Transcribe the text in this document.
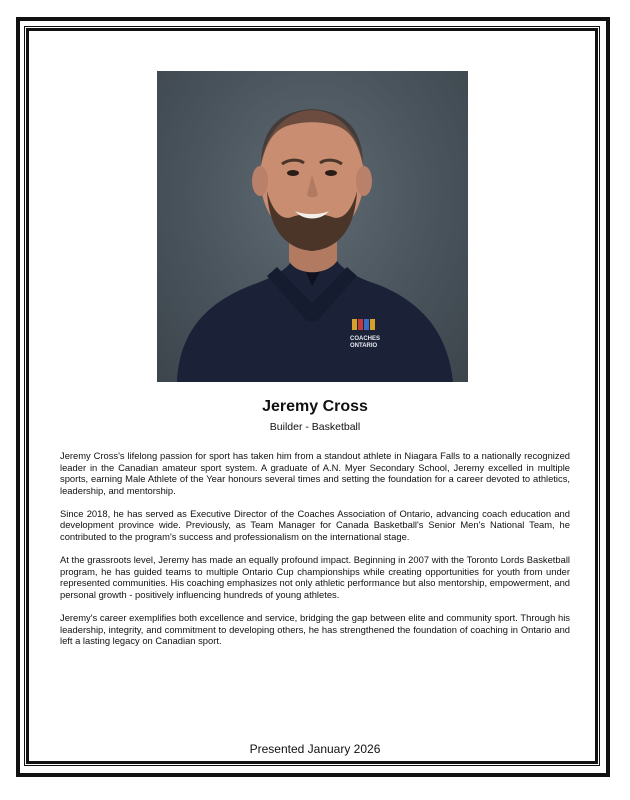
COACHES
ONTARIO
Jeremy Cross
Builder - Basketball

Jeremy Cross's lifelong passion for sport has taken him from a standout athlete in Niagara Falls to a nationally recognized leader in the Canadian amateur sport system. A graduate of A.N. Myer Secondary School, Jeremy excelled in multiple sports, earning Male Athlete of the Year honours several times and setting the foundation for a career devoted to athletics, leadership, and mentorship.

Since 2018, he has served as Executive Director of the Coaches Association of Ontario, advancing coach education and development province wide. Previously, as Team Manager for Canada Basketball's Senior Men's National Team, he contributed to the program's success and professionalism on the international stage.

At the grassroots level, Jeremy has made an equally profound impact. Beginning in 2007 with the Toronto Lords Basketball program, he has guided teams to multiple Ontario Cup championships while creating opportunities for youth from under represented communities. His coaching emphasizes not only athletic performance but also mentorship, empowerment, and personal growth - positively influencing hundreds of young athletes.

Jeremy's career exemplifies both excellence and service, bridging the gap between elite and community sport. Through his leadership, integrity, and commitment to developing others, he has strengthened the foundation of coaching in Ontario and left a lasting legacy on Canadian sport.

Presented January 2026
